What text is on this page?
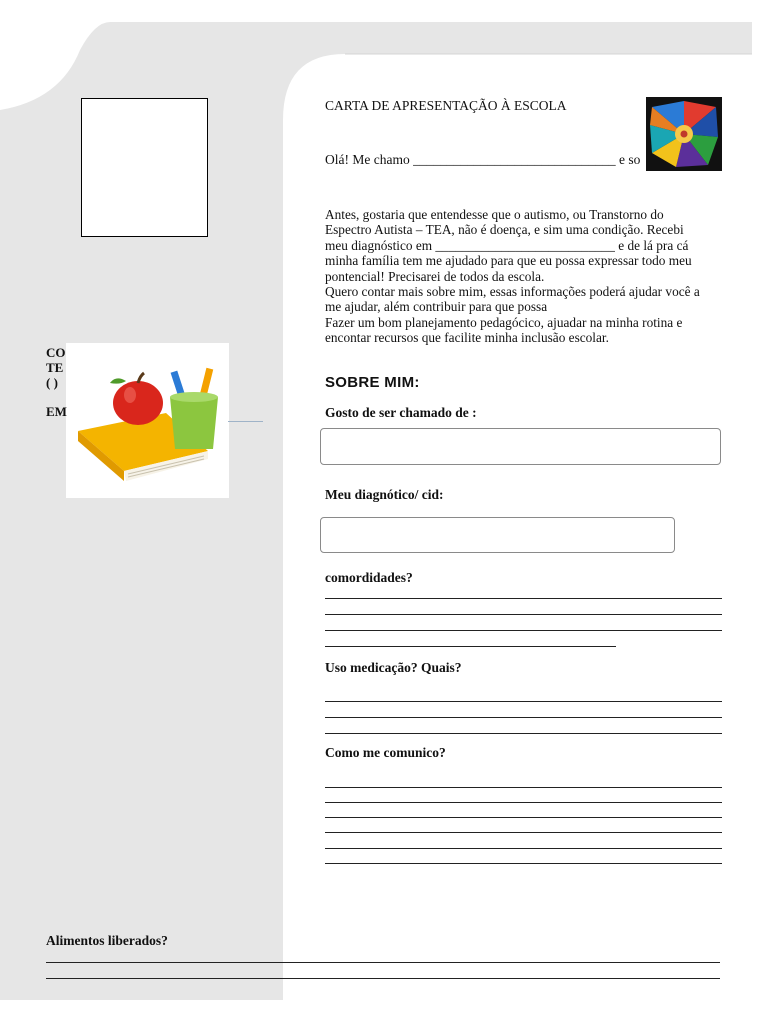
CO
TE
( )
EM
CARTA DE APRESENTAÇÃO À ESCOLA
Olá! Me chamo ______________________________ e so
Antes, gostaria que entendesse que o autismo, ou Transtorno do
Espectro Autista – TEA, não é doença, e sim uma condição. Recebi
meu diagnóstico em ___________________________ e de lá pra cá
minha família tem me ajudado para que eu possa expressar todo meu
pontencial! Precisarei de todos da escola.
Quero contar mais sobre mim, essas informações poderá ajudar você a
me ajudar, além contribuir para que possa
Fazer um bom planejamento pedagócico, ajuadar na minha rotina e
encontar recursos que facilite minha inclusão escolar.
SOBRE MIM:
Gosto de ser chamado de :
Meu diagnótico/ cid:
comordidades?
Uso medicação? Quais?
Como me comunico?
Alimentos liberados?
